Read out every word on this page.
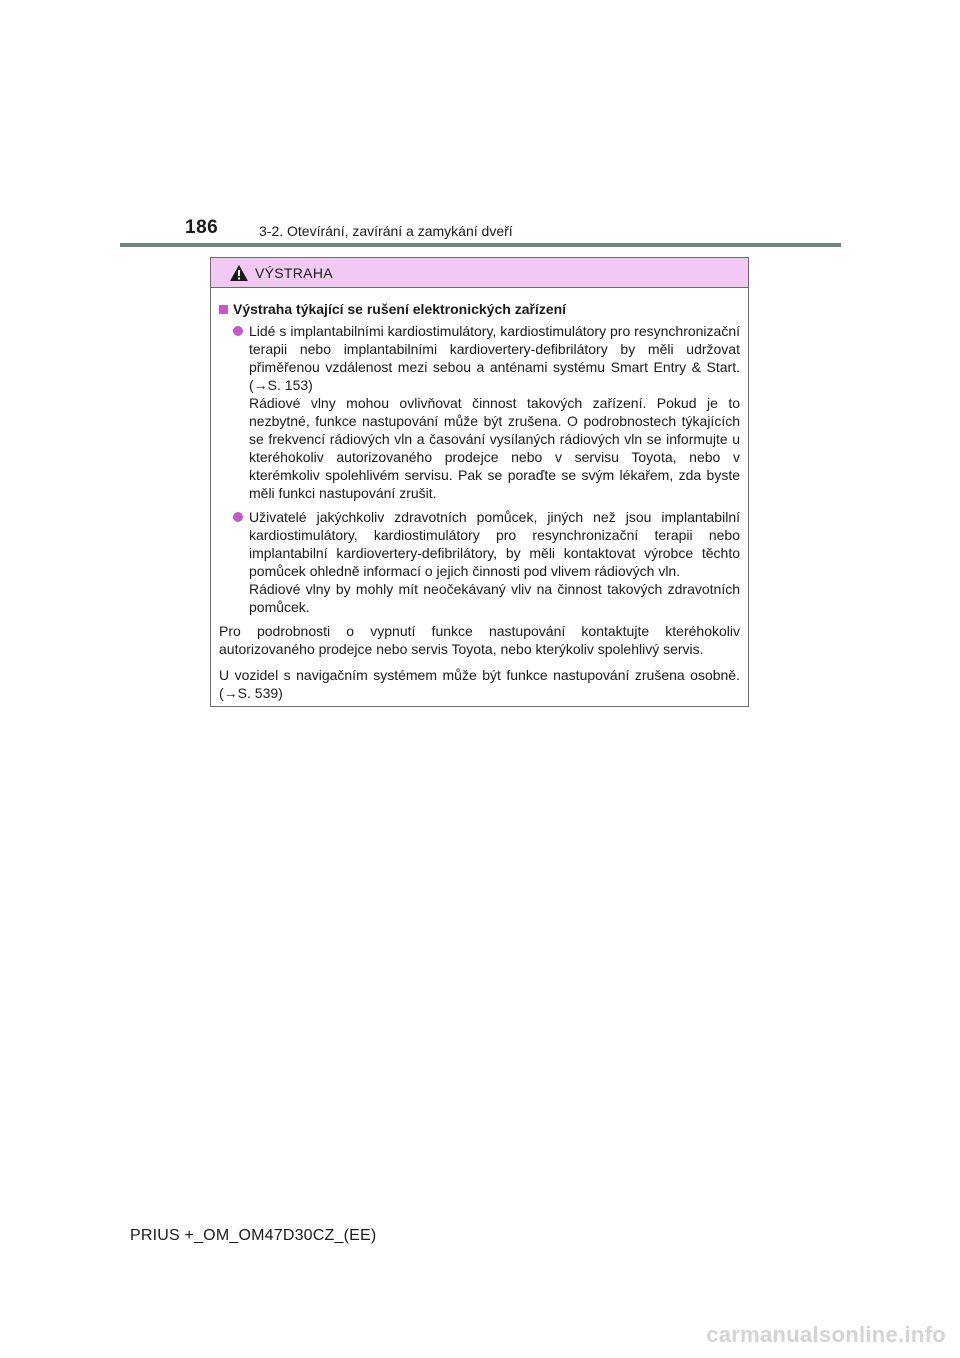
186	3-2. Otevírání, zavírání a zamykání dveří
VÝSTRAHA
Výstraha týkající se rušení elektronických zařízení

Lidé s implantabilními kardiostimulátory, kardiostimulátory pro resynchronizační terapii nebo implantabilními kardiovertery-defibrilátory by měli udržovat přiměřenou vzdálenost mezi sebou a anténami systému Smart Entry & Start. (→S. 153)

Rádiové vlny mohou ovlivňovat činnost takových zařízení. Pokud je to nezbytné, funkce nastupování může být zrušena. O podrobnostech týkajících se frekvencí rádiových vln a časování vysílaných rádiových vln se informujte u kteréhokoliv autorizovaného prodejce nebo v servisu Toyota, nebo v kterémkoliv spolehlivém servisu. Pak se poraďte se svým lékařem, zda byste měli funkci nastupování zrušit.

Uživatelé jakýchkoliv zdravotních pomůcek, jiných než jsou implantabilní kardiostimulátory, kardiostimulátory pro resynchronizační terapii nebo implantabilní kardiovertery-defibrilátory, by měli kontaktovat výrobce těchto pomůcek ohledně informací o jejich činnosti pod vlivem rádiových vln.

Rádiové vlny by mohly mít neočekávaný vliv na činnost takových zdravotních pomůcek.

Pro podrobnosti o vypnutí funkce nastupování kontaktujte kteréhokoliv autorizovaného prodejce nebo servis Toyota, nebo kterýkoliv spolehlivý servis.

U vozidel s navigačním systémem může být funkce nastupování zrušena osobně. (→S. 539)

PRIUS +_OM_OM47D30CZ_(EE)
carmanualsonline.info
